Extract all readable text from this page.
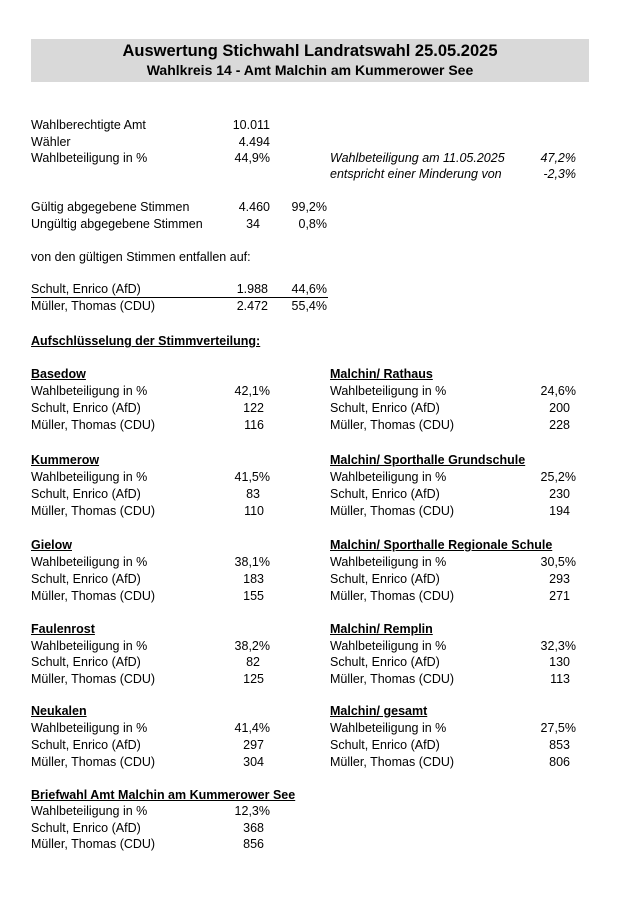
Auswertung Stichwahl Landratswahl 25.05.2025
Wahlkreis 14 - Amt Malchin am Kummerower See
Wahlberechtigte Amt	10.011
Wähler	4.494
Wahlbeteiligung in %	44,9%	Wahlbeteiligung am 11.05.2025	47,2%
entspricht einer Minderung von	-2,3%
Gültig abgegebene Stimmen	4.460	99,2%
Ungültig abgegebene Stimmen	34	0,8%
von den gültigen Stimmen entfallen auf:
Schult, Enrico (AfD)	1.988	44,6%
Müller, Thomas (CDU)	2.472	55,4%
Aufschlüsselung der Stimmverteilung:
Basedow
Wahlbeteiligung in %	42,1%
Schult, Enrico (AfD)	122
Müller, Thomas (CDU)	116
Kummerow
Wahlbeteiligung in %	41,5%
Schult, Enrico (AfD)	83
Müller, Thomas (CDU)	110
Gielow
Wahlbeteiligung in %	38,1%
Schult, Enrico (AfD)	183
Müller, Thomas (CDU)	155
Faulenrost
Wahlbeteiligung in %	38,2%
Schult, Enrico (AfD)	82
Müller, Thomas (CDU)	125
Neukalen
Wahlbeteiligung in %	41,4%
Schult, Enrico (AfD)	297
Müller, Thomas (CDU)	304
Briefwahl Amt Malchin am Kummerower See
Wahlbeteiligung in %	12,3%
Schult, Enrico (AfD)	368
Müller, Thomas (CDU)	856
Malchin/ Rathaus
Wahlbeteiligung in %	24,6%
Schult, Enrico (AfD)	200
Müller, Thomas (CDU)	228
Malchin/ Sporthalle Grundschule
Wahlbeteiligung in %	25,2%
Schult, Enrico (AfD)	230
Müller, Thomas (CDU)	194
Malchin/ Sporthalle Regionale Schule
Wahlbeteiligung in %	30,5%
Schult, Enrico (AfD)	293
Müller, Thomas (CDU)	271
Malchin/ Remplin
Wahlbeteiligung in %	32,3%
Schult, Enrico (AfD)	130
Müller, Thomas (CDU)	113
Malchin/ gesamt
Wahlbeteiligung in %	27,5%
Schult, Enrico (AfD)	853
Müller, Thomas (CDU)	806
